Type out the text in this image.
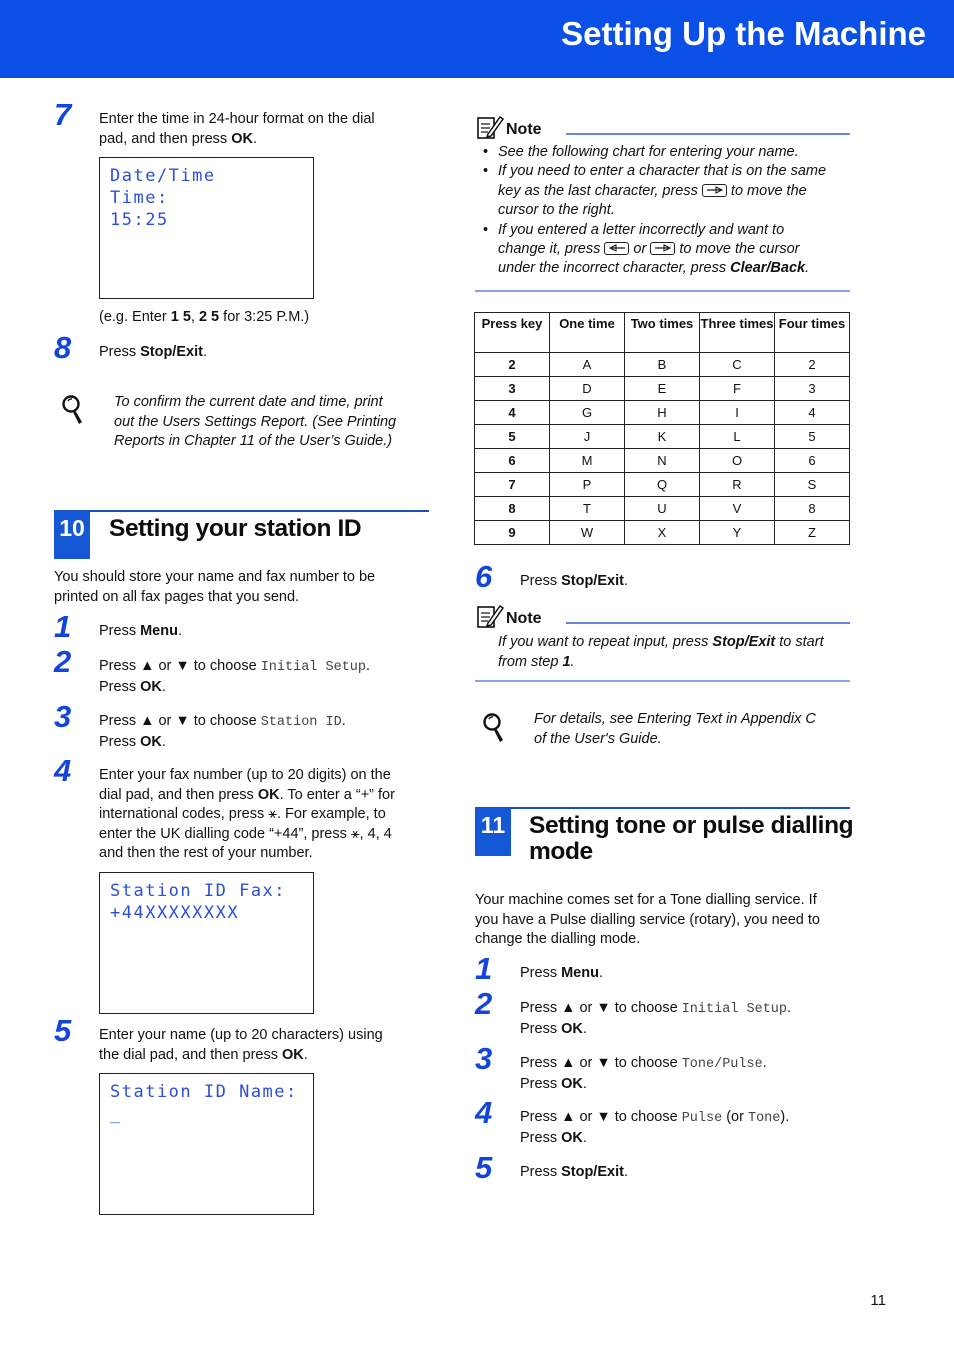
Setting Up the Machine
7 Enter the time in 24-hour format on the dial
pad, and then press OK.
Date/Time
Time:
15:25
(e.g. Enter 1 5, 2 5 for 3:25 P.M.)
8 Press Stop/Exit.
To confirm the current date and time, print
out the Users Settings Report. (See Printing
Reports in Chapter 11 of the User’s Guide.)
10 Setting your station ID
You should store your name and fax number to be
printed on all fax pages that you send.
1 Press Menu.
2 Press ▲ or ▼ to choose Initial Setup.
Press OK.
3 Press ▲ or ▼ to choose Station ID.
Press OK.
4 Enter your fax number (up to 20 digits) on the
dial pad, and then press OK. To enter a “+” for
international codes, press ⚹. For example, to
enter the UK dialling code “+44”, press ⚹, 4, 4
and then the rest of your number.
Station ID Fax:
+44XXXXXXXX
5 Enter your name (up to 20 characters) using
the dial pad, and then press OK.
Station ID Name:
_
Note
• See the following chart for entering your name.
• If you need to enter a character that is on the same
key as the last character, press
to move the
cursor to the right.
• If you entered a letter incorrectly and want to
change it, press
or
to move the cursor
under the incorrect character, press Clear/Back.
Press key	One time	Two times	Three times	Four times
2	A	B	C	2
3	D	E	F	3
4	G	H	I	4
5	J	K	L	5
6	M	N	O	6
7	P	Q	R	S
8	T	U	V	8
9	W	X	Y	Z
6 Press Stop/Exit.
Note
If you want to repeat input, press Stop/Exit to start
from step 1.
For details, see Entering Text in Appendix C
of the User's Guide.
11 Setting tone or pulse dialling
mode
Your machine comes set for a Tone dialling service. If
you have a Pulse dialling service (rotary), you need to
change the dialling mode.
1 Press Menu.
2 Press ▲ or ▼ to choose Initial Setup.
Press OK.
3 Press ▲ or ▼ to choose Tone/Pulse.
Press OK.
4 Press ▲ or ▼ to choose Pulse (or Tone).
Press OK.
5 Press Stop/Exit.
11
